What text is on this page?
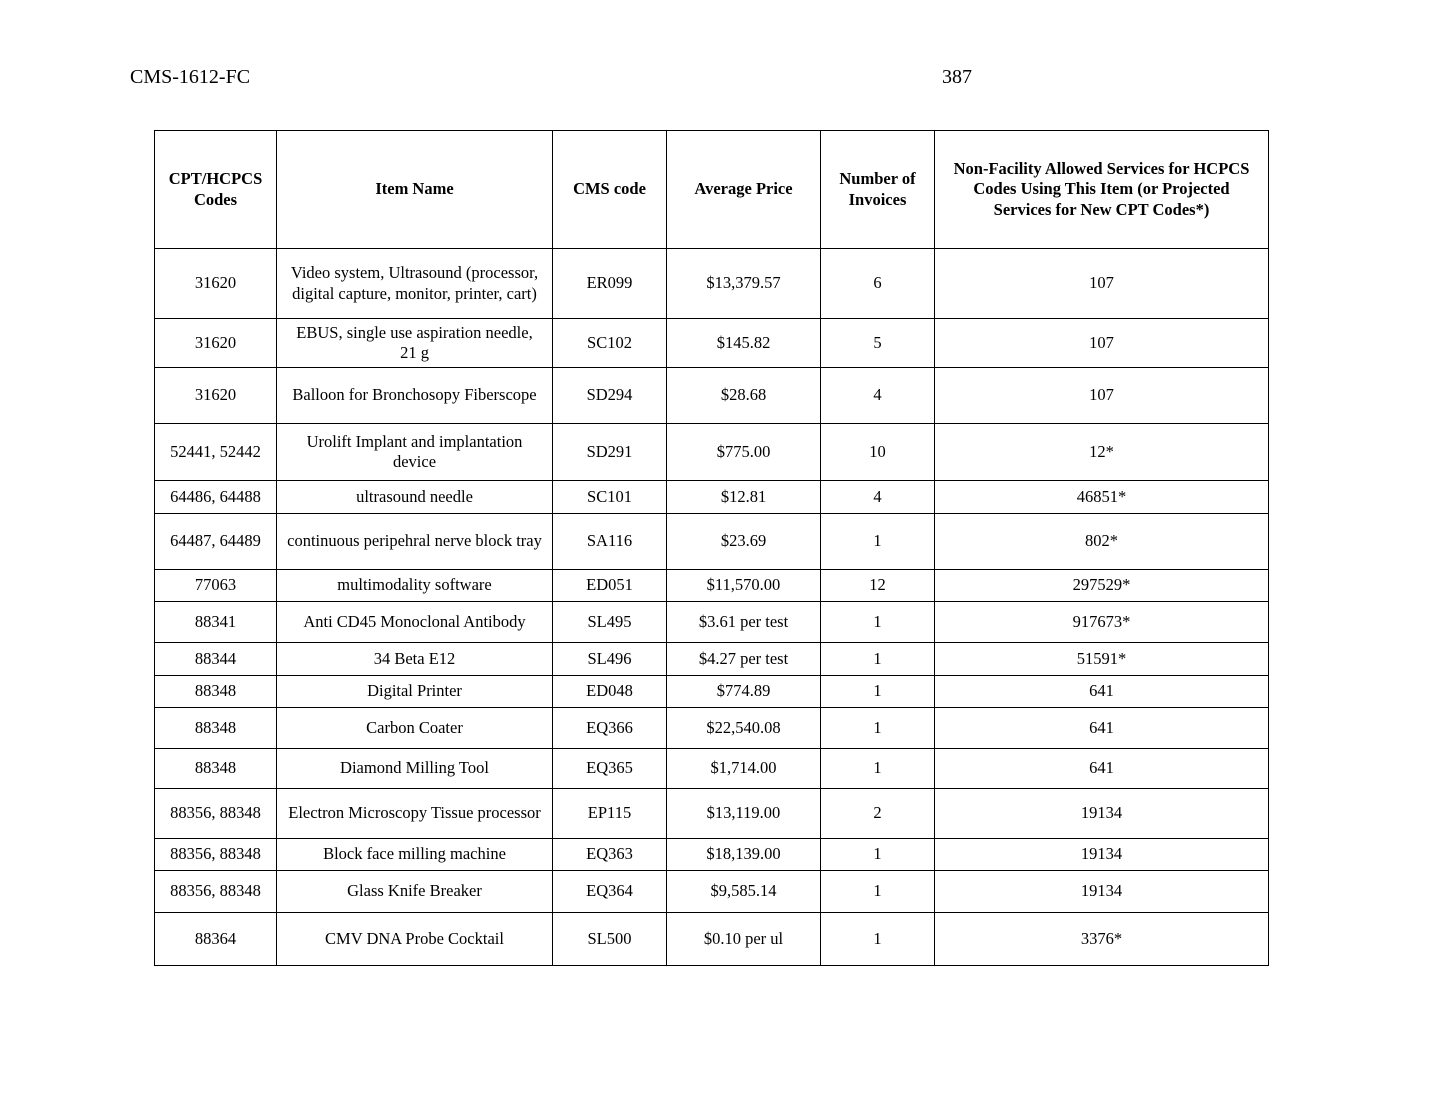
CMS-1612-FC	387
CPT/HCPCS Codes	Item Name	CMS code	Average Price	Number of Invoices	Non-Facility Allowed Services for HCPCS Codes Using This Item (or Projected Services for New CPT Codes*)
31620	Video system, Ultrasound (processor, digital capture, monitor, printer, cart)	ER099	$13,379.57	6	107
31620	EBUS, single use aspiration needle, 21 g	SC102	$145.82	5	107
31620	Balloon for Bronchosopy Fiberscope	SD294	$28.68	4	107
52441, 52442	Urolift Implant and implantation device	SD291	$775.00	10	12*
64486, 64488	ultrasound needle	SC101	$12.81	4	46851*
64487, 64489	continuous peripehral nerve block tray	SA116	$23.69	1	802*
77063	multimodality software	ED051	$11,570.00	12	297529*
88341	Anti CD45 Monoclonal Antibody	SL495	$3.61 per test	1	917673*
88344	34 Beta E12	SL496	$4.27 per test	1	51591*
88348	Digital Printer	ED048	$774.89	1	641
88348	Carbon Coater	EQ366	$22,540.08	1	641
88348	Diamond Milling Tool	EQ365	$1,714.00	1	641
88356, 88348	Electron Microscopy Tissue processor	EP115	$13,119.00	2	19134
88356, 88348	Block face milling machine	EQ363	$18,139.00	1	19134
88356, 88348	Glass Knife Breaker	EQ364	$9,585.14	1	19134
88364	CMV DNA Probe Cocktail	SL500	$0.10 per ul	1	3376*
